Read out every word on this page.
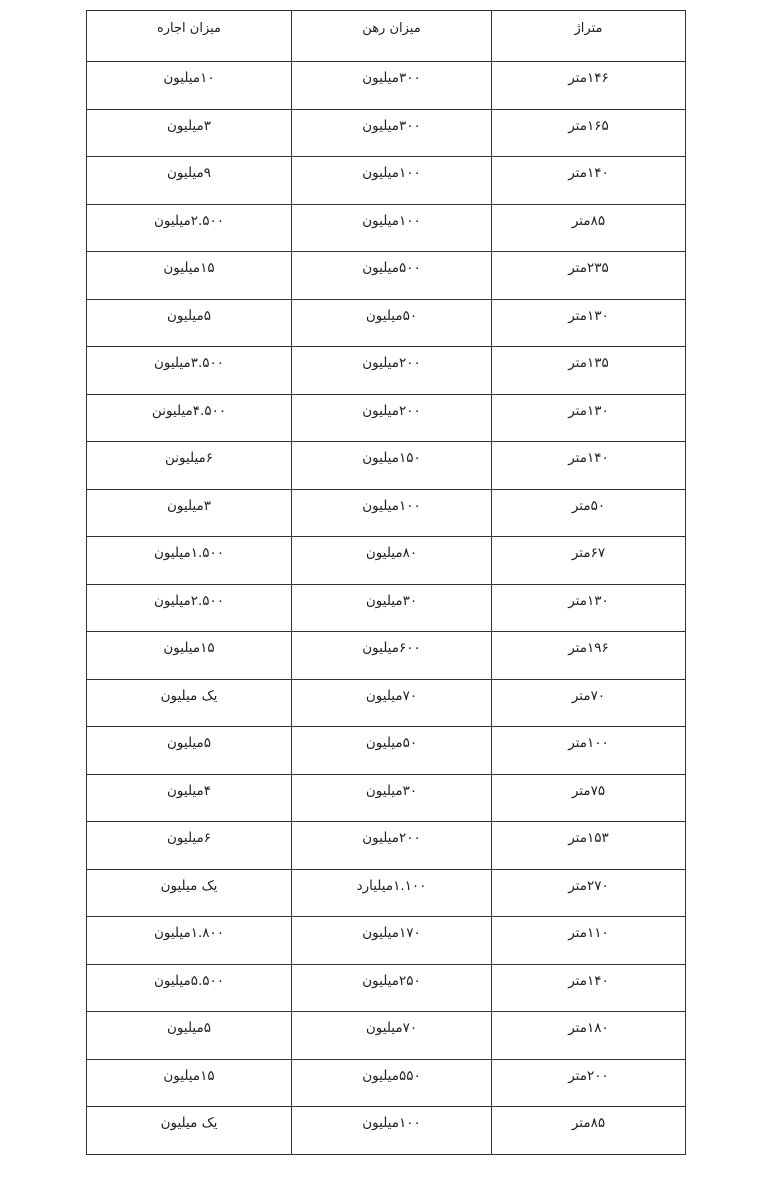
متراژ	میزان رهن	میزان اجاره
۱۴۶متر	۳۰۰میلیون	۱۰میلیون
۱۶۵متر	۳۰۰میلیون	۳میلیون
۱۴۰متر	۱۰۰میلیون	۹میلیون
۸۵متر	۱۰۰میلیون	۲.۵۰۰میلیون
۲۳۵متر	۵۰۰میلیون	۱۵میلیون
۱۳۰متر	۵۰میلیون	۵میلیون
۱۳۵متر	۲۰۰میلیون	۳.۵۰۰میلیون
۱۳۰متر	۲۰۰میلیون	۴.۵۰۰میلیونن
۱۴۰متر	۱۵۰میلیون	۶میلیونن
۵۰متر	۱۰۰میلیون	۳میلیون
۶۷متر	۸۰میلیون	۱.۵۰۰میلیون
۱۳۰متر	۳۰میلیون	۲.۵۰۰میلیون
۱۹۶متر	۶۰۰میلیون	۱۵میلیون
۷۰متر	۷۰میلیون	یک میلیون
۱۰۰متر	۵۰میلیون	۵میلیون
۷۵متر	۳۰میلیون	۴میلیون
۱۵۳متر	۲۰۰میلیون	۶میلیون
۲۷۰متر	۱.۱۰۰میلیارد	یک میلیون
۱۱۰متر	۱۷۰میلیون	۱.۸۰۰میلیون
۱۴۰متر	۲۵۰میلیون	۵.۵۰۰میلیون
۱۸۰متر	۷۰میلیون	۵میلیون
۲۰۰متر	۵۵۰میلیون	۱۵میلیون
۸۵متر	۱۰۰میلیون	یک میلیون
